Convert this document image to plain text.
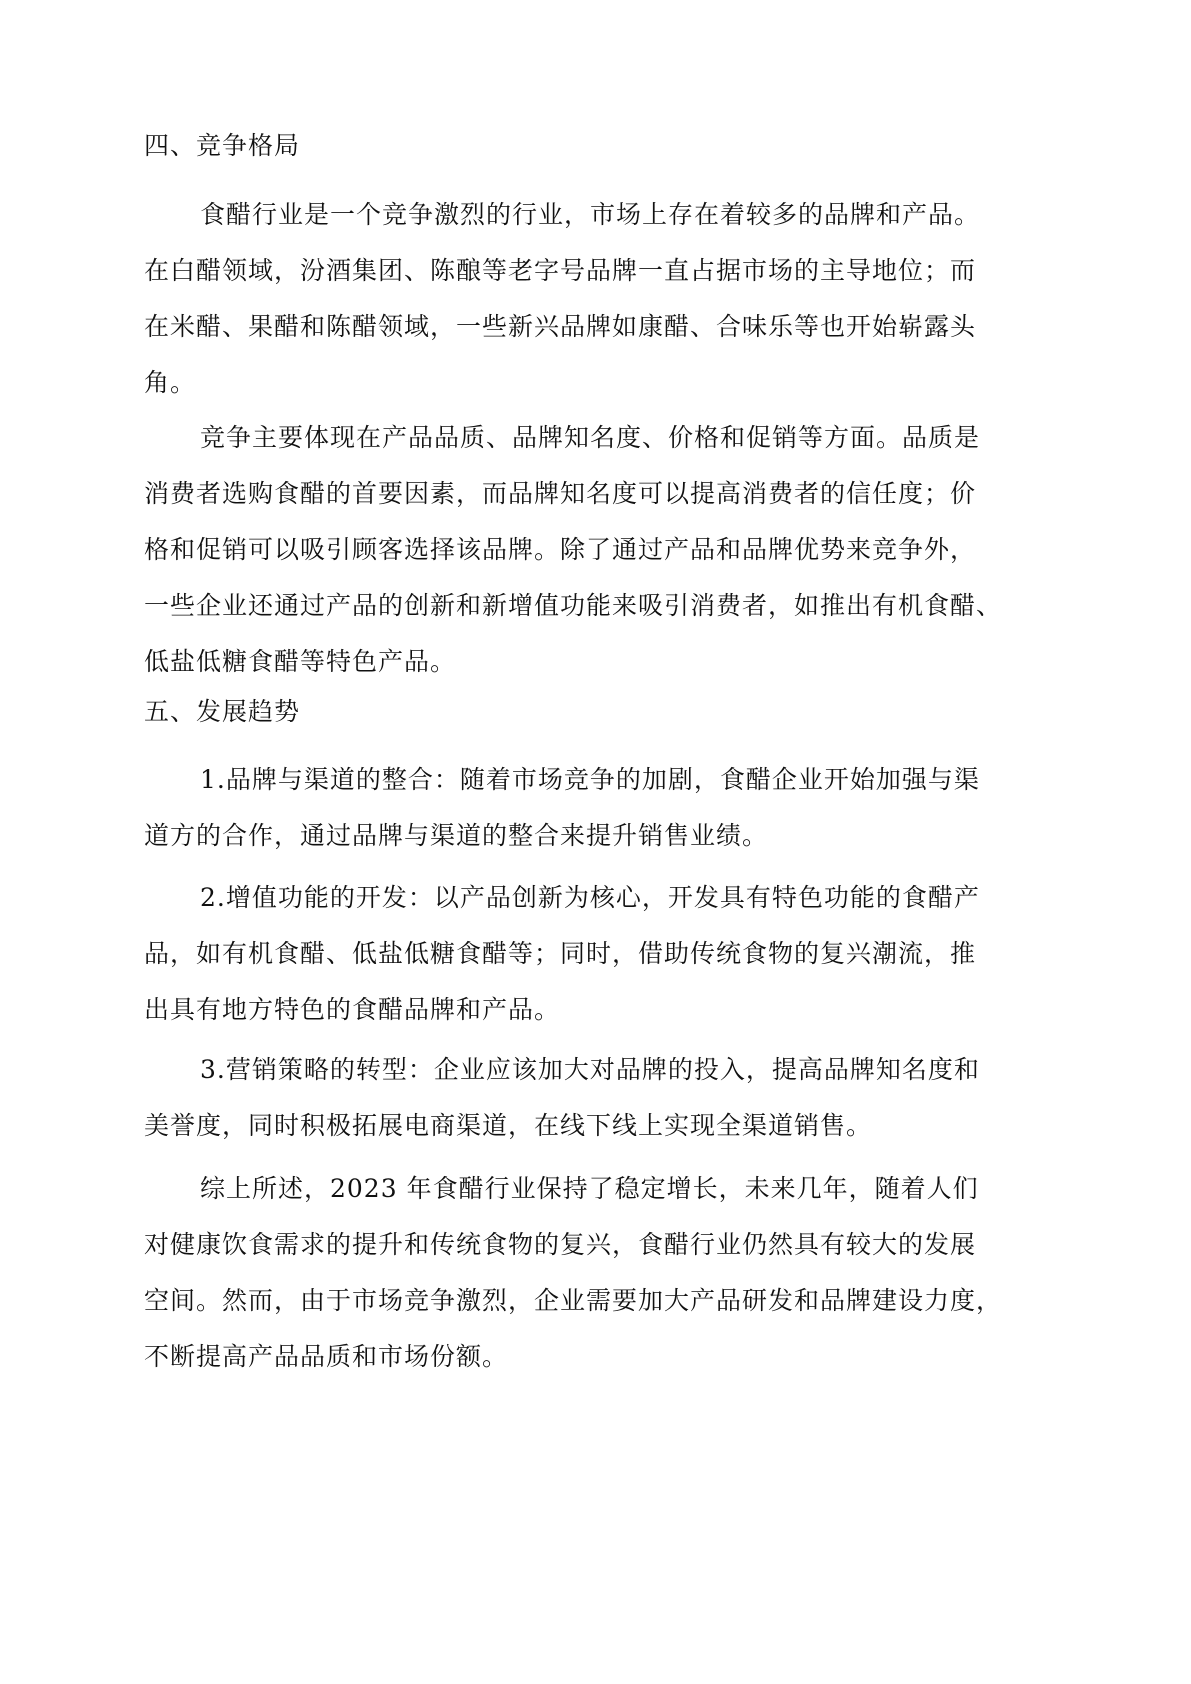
四、竞争格局
食醋行业是一个竞争激烈的行业，市场上存在着较多的品牌和产品。
在白醋领域，汾酒集团、陈酿等老字号品牌一直占据市场的主导地位；而
在米醋、果醋和陈醋领域，一些新兴品牌如康醋、合味乐等也开始崭露头
角。
竞争主要体现在产品品质、品牌知名度、价格和促销等方面。品质是
消费者选购食醋的首要因素，而品牌知名度可以提高消费者的信任度；价
格和促销可以吸引顾客选择该品牌。除了通过产品和品牌优势来竞争外，
一些企业还通过产品的创新和新增值功能来吸引消费者，如推出有机食醋、
低盐低糖食醋等特色产品。
五、发展趋势
1.品牌与渠道的整合：随着市场竞争的加剧，食醋企业开始加强与渠
道方的合作，通过品牌与渠道的整合来提升销售业绩。
2.增值功能的开发：以产品创新为核心，开发具有特色功能的食醋产
品，如有机食醋、低盐低糖食醋等；同时，借助传统食物的复兴潮流，推
出具有地方特色的食醋品牌和产品。
3.营销策略的转型：企业应该加大对品牌的投入，提高品牌知名度和
美誉度，同时积极拓展电商渠道，在线下线上实现全渠道销售。
综上所述，2023 年食醋行业保持了稳定增长，未来几年，随着人们
对健康饮食需求的提升和传统食物的复兴，食醋行业仍然具有较大的发展
空间。然而，由于市场竞争激烈，企业需要加大产品研发和品牌建设力度，
不断提高产品品质和市场份额。
